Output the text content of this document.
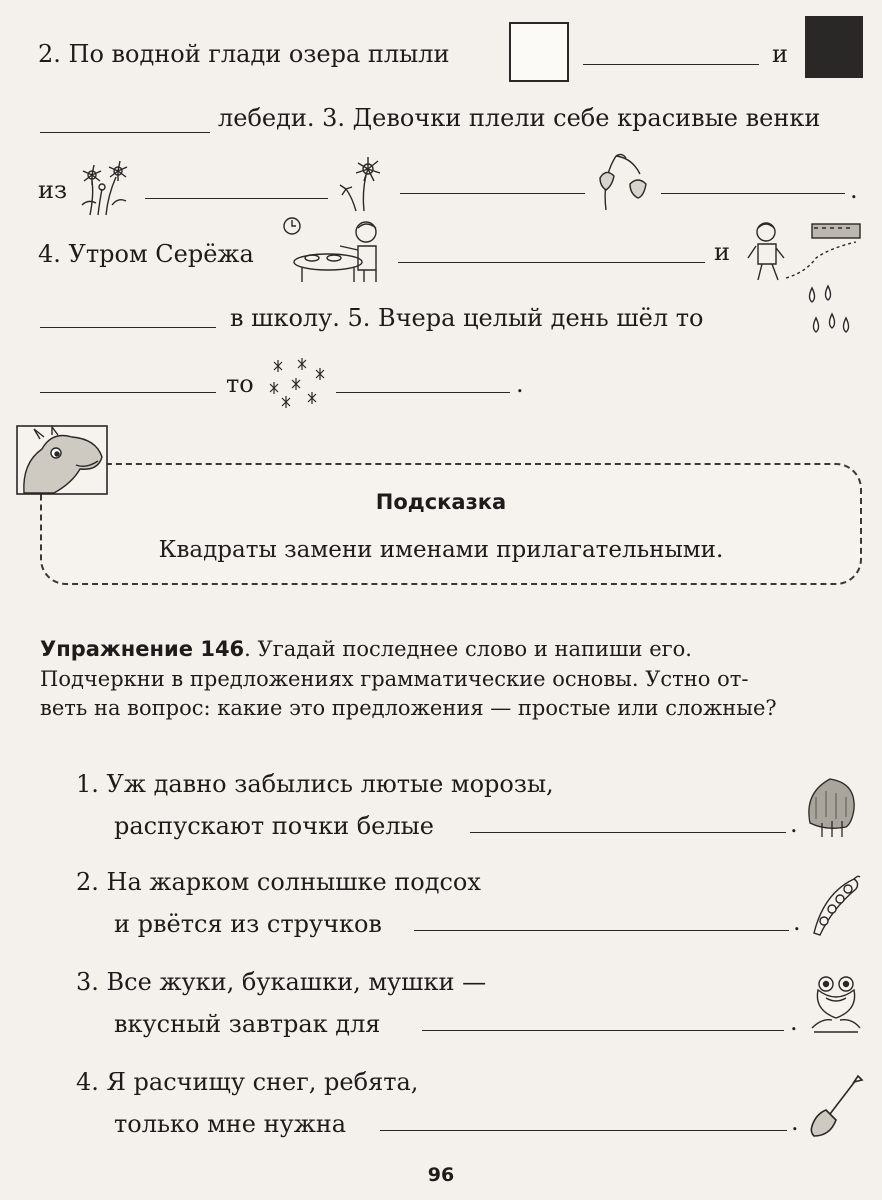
2. По водной глади озера плыли	и
лебеди. 3. Девочки плели себе красивые венки
из	.
4. Утром Серёжа	и
в школу. 5. Вчера целый день шёл то
то	.
Подсказка
Квадраты замени именами прилагательными.
Упражнение 146. Угадай последнее слово и напиши его.
Подчеркни в предложениях грамматические основы. Устно от-
веть на вопрос: какие это предложения — простые или сложные?
1. Уж давно забылись лютые морозы,
распускают почки белые	.
2. На жарком солнышке подсох
и рвётся из стручков	.
3. Все жуки, букашки, мушки —
вкусный завтрак для	.
4. Я расчищу снег, ребята,
только мне нужна	.
96
